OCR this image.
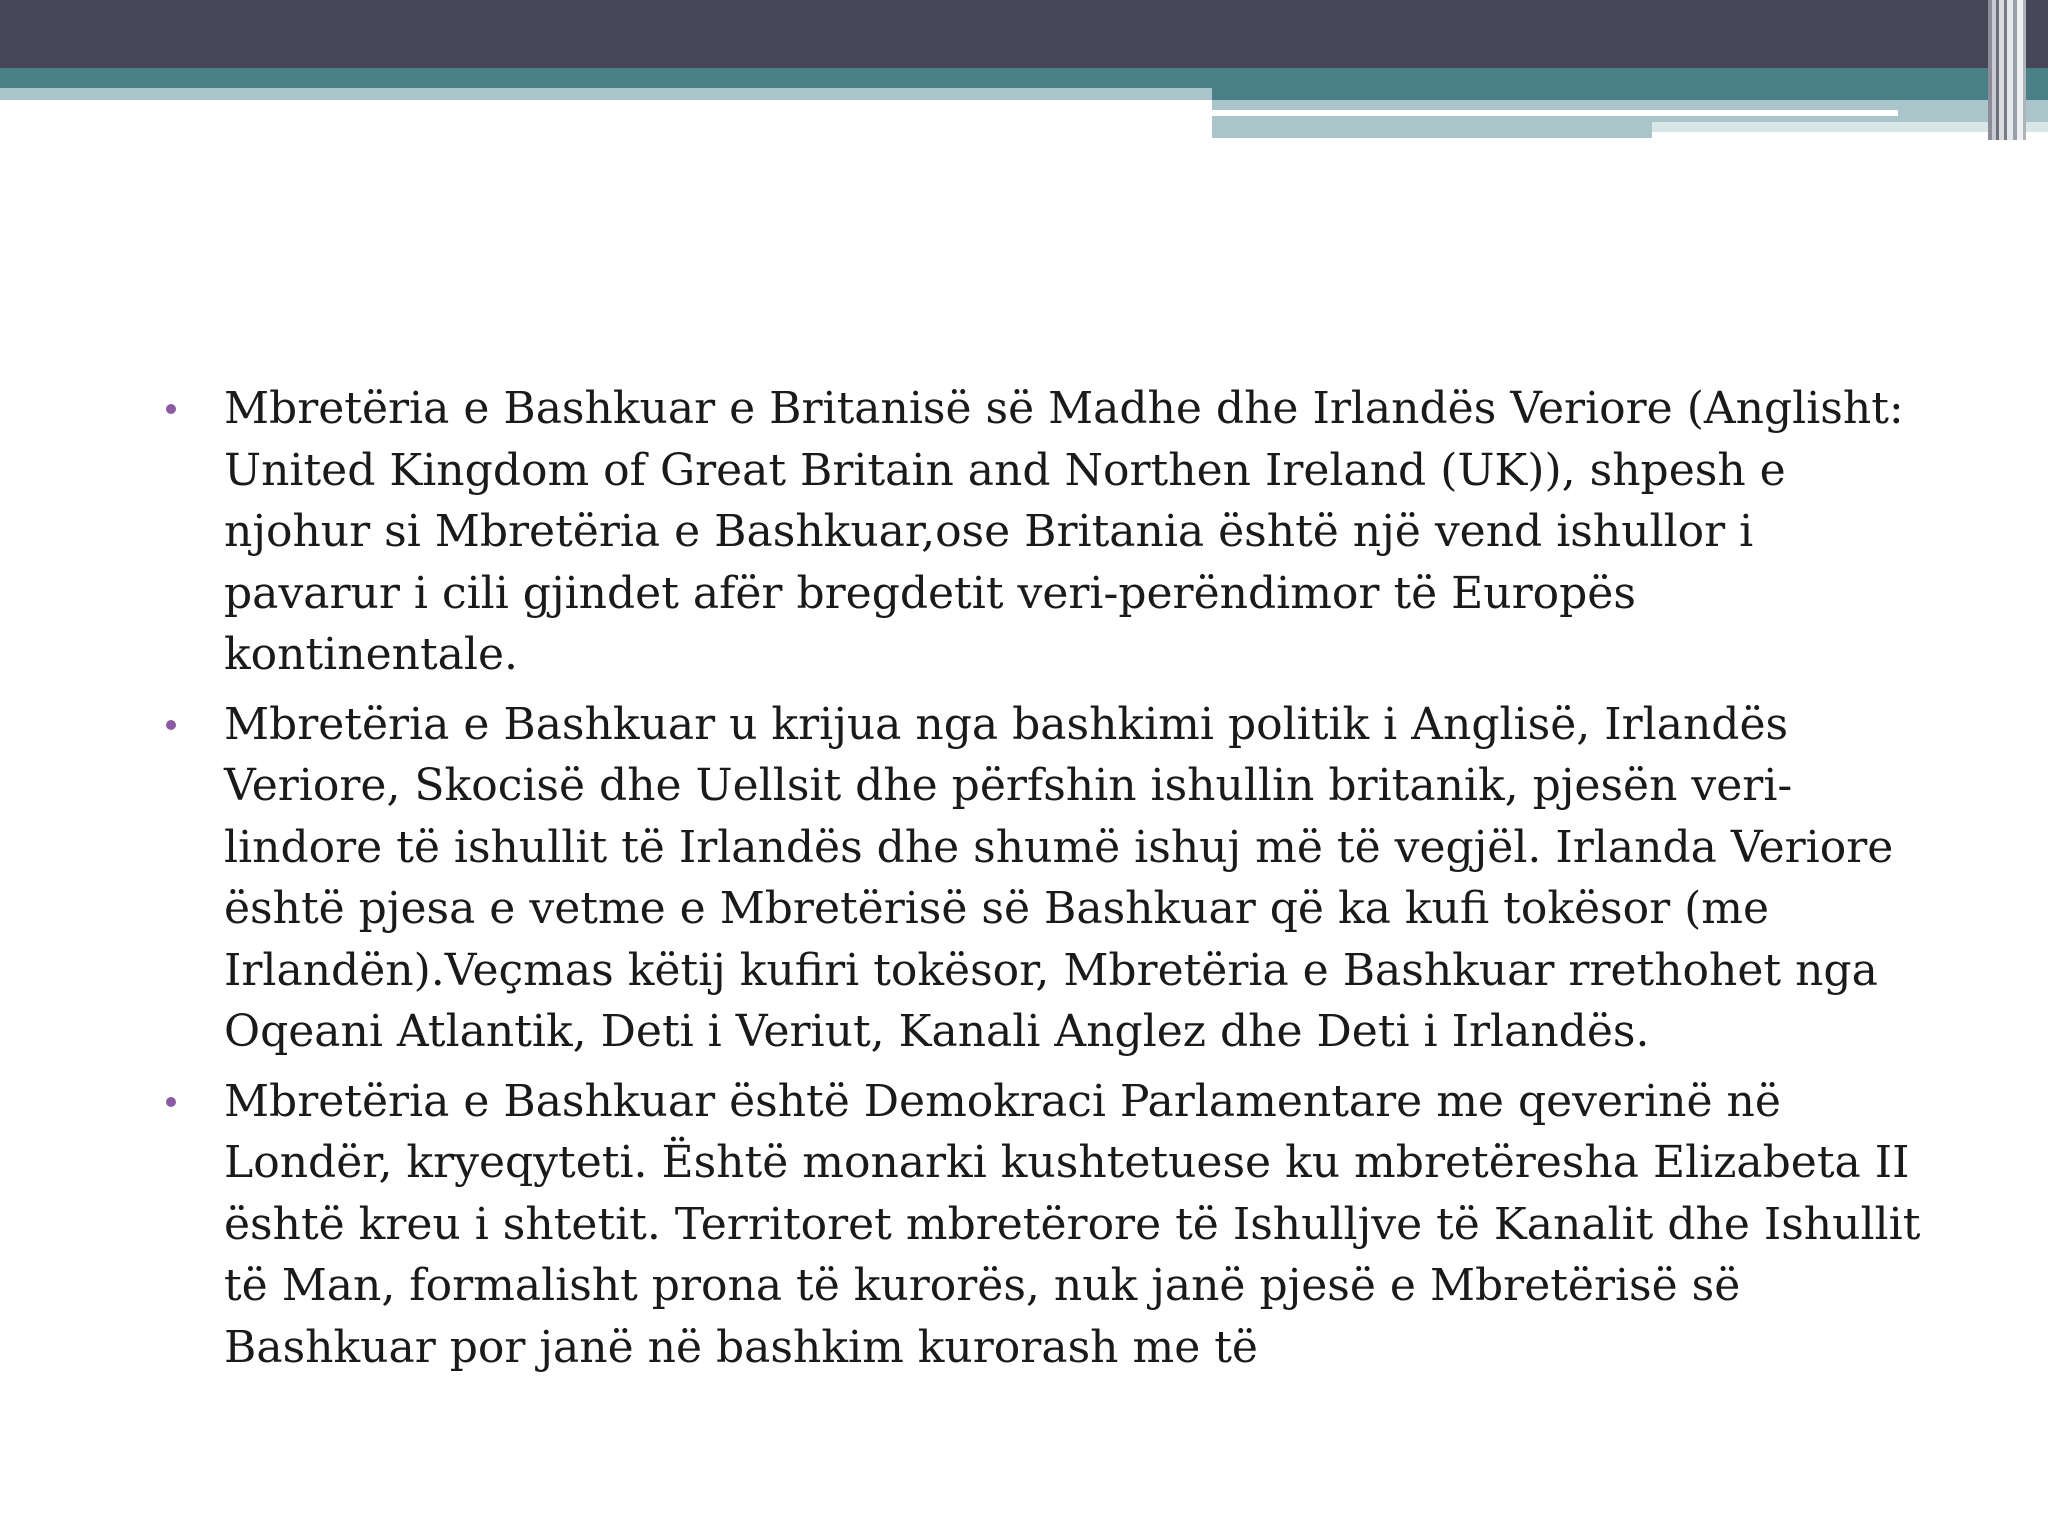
Mbretëria e Bashkuar e Britanisë së Madhe dhe Irlandës Veriore (Anglisht: United Kingdom of Great Britain and Northen Ireland (UK)), shpesh e njohur si Mbretëria e Bashkuar,ose Britania është një vend ishullor i pavarur i cili gjindet afër bregdetit veri-perëndimor të Europës kontinentale.
Mbretëria e Bashkuar u krijua nga bashkimi politik i Anglisë, Irlandës Veriore, Skocisë dhe Uellsit dhe përfshin ishullin britanik, pjesën veri-lindore të ishullit të Irlandës dhe shumë ishuj më të vegjël. Irlanda Veriore është pjesa e vetme e Mbretërisë së Bashkuar që ka kufi tokësor (me Irlandën).Veçmas këtij kufiri tokësor, Mbretëria e Bashkuar rrethohet nga Oqeani Atlantik, Deti i Veriut, Kanali Anglez dhe Deti i Irlandës.
Mbretëria e Bashkuar është Demokraci Parlamentare me qeverinë në Londër, kryeqyteti. Është monarki kushtetuese ku mbretëresha Elizabeta II është kreu i shtetit. Territoret mbretërore të Ishulljve të Kanalit dhe Ishullit të Man, formalisht prona të kurorës, nuk janë pjesë e Mbretërisë së Bashkuar por janë në bashkim kurorash me të
